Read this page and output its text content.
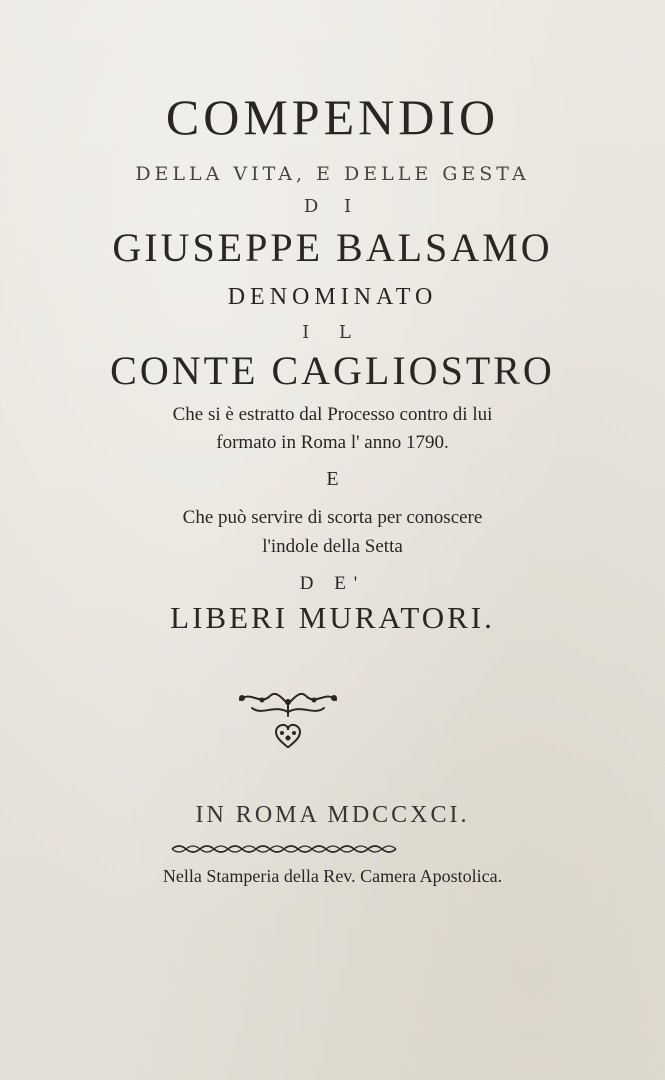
COMPENDIO
DELLA VITA, E DELLE GESTA
D I
GIUSEPPE BALSAMO
DENOMINATO
I L
CONTE CAGLIOSTRO
Che si è estratto dal Processo contro di lui
formato in Roma l' anno 1790.
E
Che può servire di scorta per conoscere
l'indole della Setta
D E'
LIBERI MURATORI.
IN ROMA MDCCXCI.
Nella Stamperia della Rev. Camera Apostolica.
